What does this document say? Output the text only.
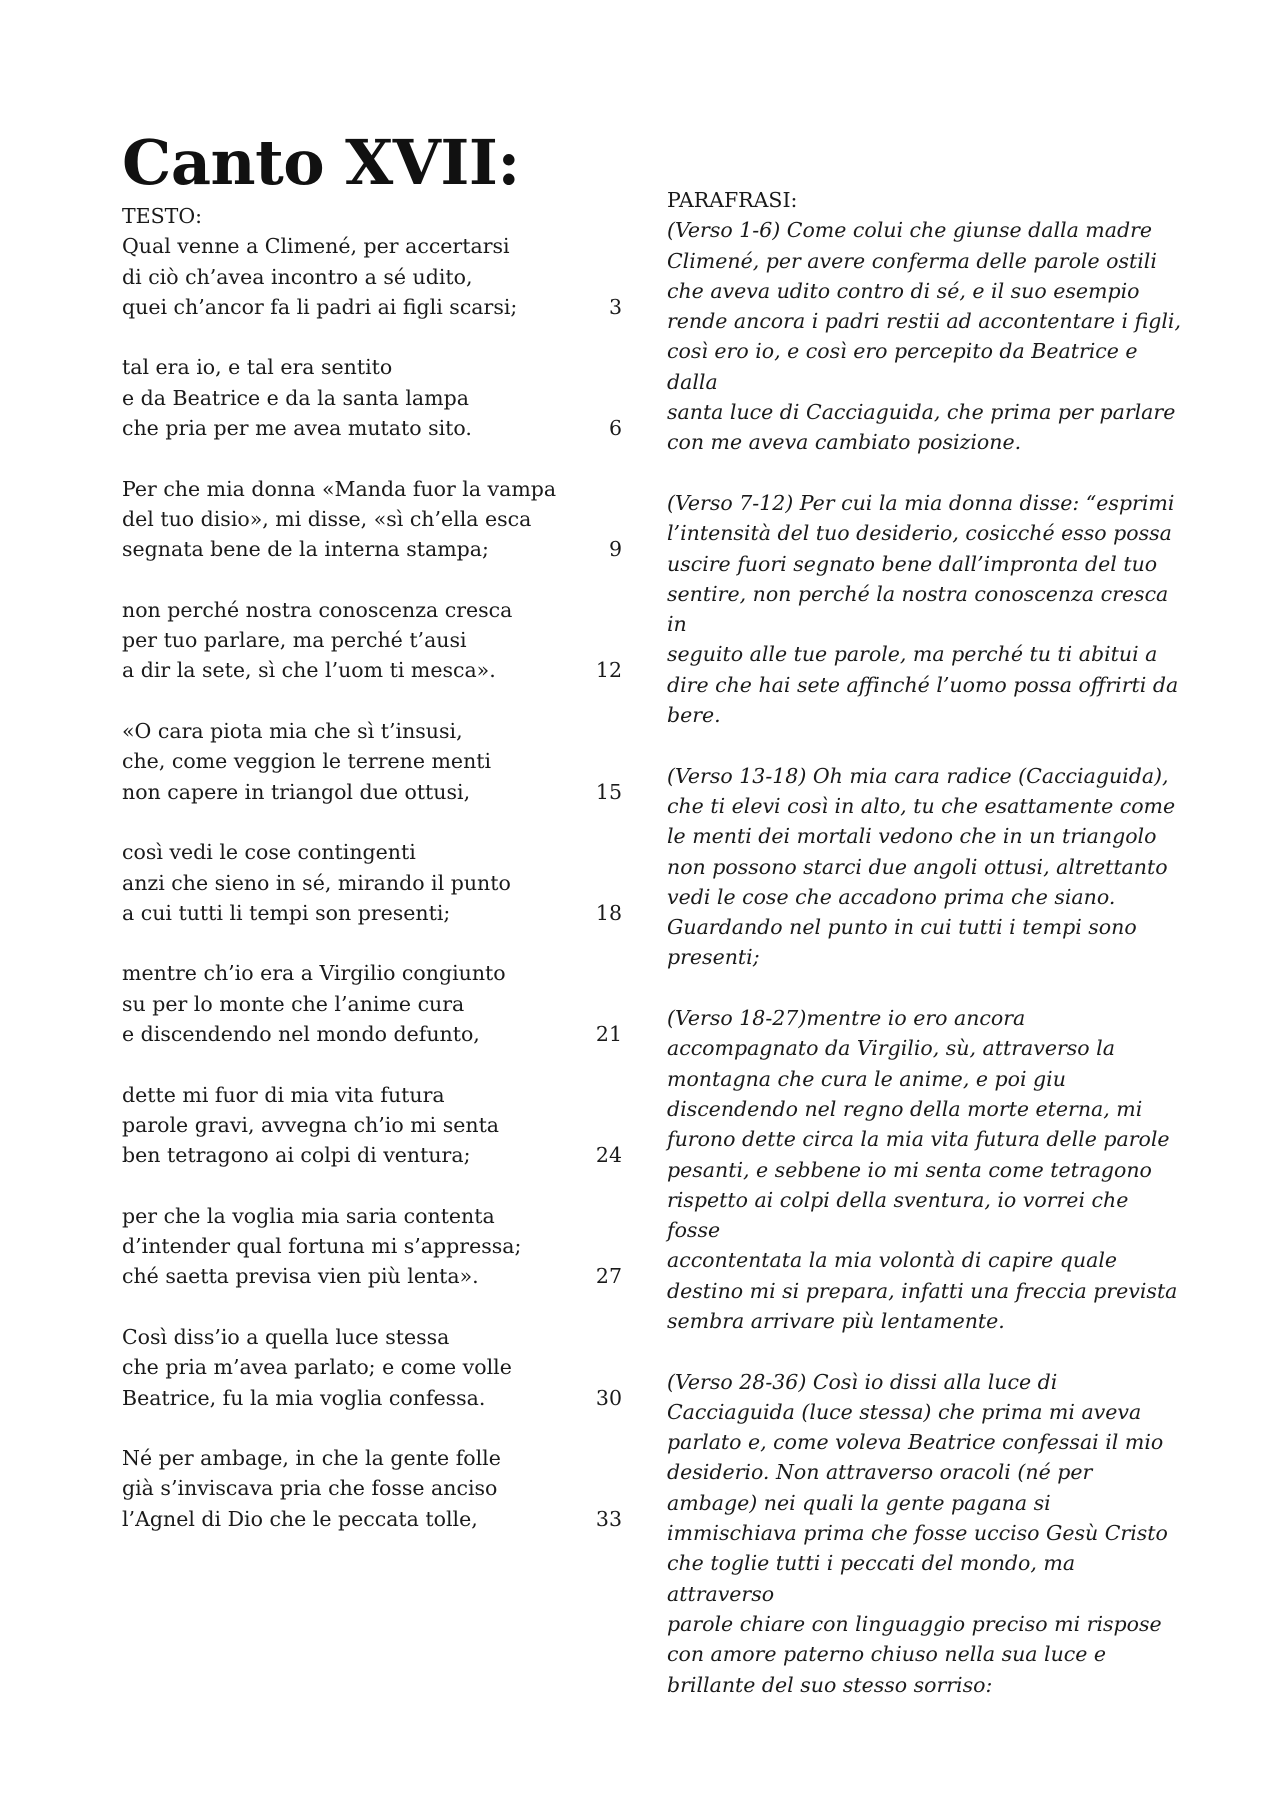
Canto XVII:
TESTO:
Qual venne a Climené, per accertarsi
di ciò ch’avea incontro a sé udito,
quei ch’ancor fa li padri ai figli scarsi;	3
tal era io, e tal era sentito
e da Beatrice e da la santa lampa
che pria per me avea mutato sito.	6
Per che mia donna «Manda fuor la vampa
del tuo disio», mi disse, «sì ch’ella esca
segnata bene de la interna stampa;	9
non perché nostra conoscenza cresca
per tuo parlare, ma perché t’ausi
a dir la sete, sì che l’uom ti mesca».	12
«O cara piota mia che sì t’insusi,
che, come veggion le terrene menti
non capere in triangol due ottusi,	15
così vedi le cose contingenti
anzi che sieno in sé, mirando il punto
a cui tutti li tempi son presenti;	18
mentre ch’io era a Virgilio congiunto
su per lo monte che l’anime cura
e discendendo nel mondo defunto,	21
dette mi fuor di mia vita futura
parole gravi, avvegna ch’io mi senta
ben tetragono ai colpi di ventura;	24
per che la voglia mia saria contenta
d’intender qual fortuna mi s’appressa;
ché saetta previsa vien più lenta».	27
Così diss’io a quella luce stessa
che pria m’avea parlato; e come volle
Beatrice, fu la mia voglia confessa.	30
Né per ambage, in che la gente folle
già s’inviscava pria che fosse anciso
l’Agnel di Dio che le peccata tolle,	33
PARAFRASI:
(Verso 1-6) Come colui che giunse dalla madre
Climené, per avere conferma delle parole ostili
che aveva udito contro di sé, e il suo esempio
rende ancora i padri restii ad accontentare i figli,
così ero io, e così ero percepito da Beatrice e dalla
santa luce di Cacciaguida, che prima per parlare
con me aveva cambiato posizione.
(Verso 7-12) Per cui la mia donna disse: “esprimi
l’intensità del tuo desiderio, cosicché esso possa
uscire fuori segnato bene dall’impronta del tuo
sentire, non perché la nostra conoscenza cresca in
seguito alle tue parole, ma perché tu ti abitui a
dire che hai sete affinché l’uomo possa offrirti da
bere.
(Verso 13-18) Oh mia cara radice (Cacciaguida),
che ti elevi così in alto, tu che esattamente come
le menti dei mortali vedono che in un triangolo
non possono starci due angoli ottusi, altrettanto
vedi le cose che accadono prima che siano.
Guardando nel punto in cui tutti i tempi sono
presenti;
(Verso 18-27)mentre io ero ancora
accompagnato da Virgilio, sù, attraverso la
montagna che cura le anime, e poi giu
discendendo nel regno della morte eterna, mi
furono dette circa la mia vita futura delle parole
pesanti, e sebbene io mi senta come tetragono
rispetto ai colpi della sventura, io vorrei che fosse
accontentata la mia volontà di capire quale
destino mi si prepara, infatti una freccia prevista
sembra arrivare più lentamente.
(Verso 28-36) Così io dissi alla luce di
Cacciaguida (luce stessa) che prima mi aveva
parlato e, come voleva Beatrice confessai il mio
desiderio. Non attraverso oracoli (né per
ambage) nei quali la gente pagana si
immischiava prima che fosse ucciso Gesù Cristo
che toglie tutti i peccati del mondo, ma attraverso
parole chiare con linguaggio preciso mi rispose
con amore paterno chiuso nella sua luce e
brillante del suo stesso sorriso:
